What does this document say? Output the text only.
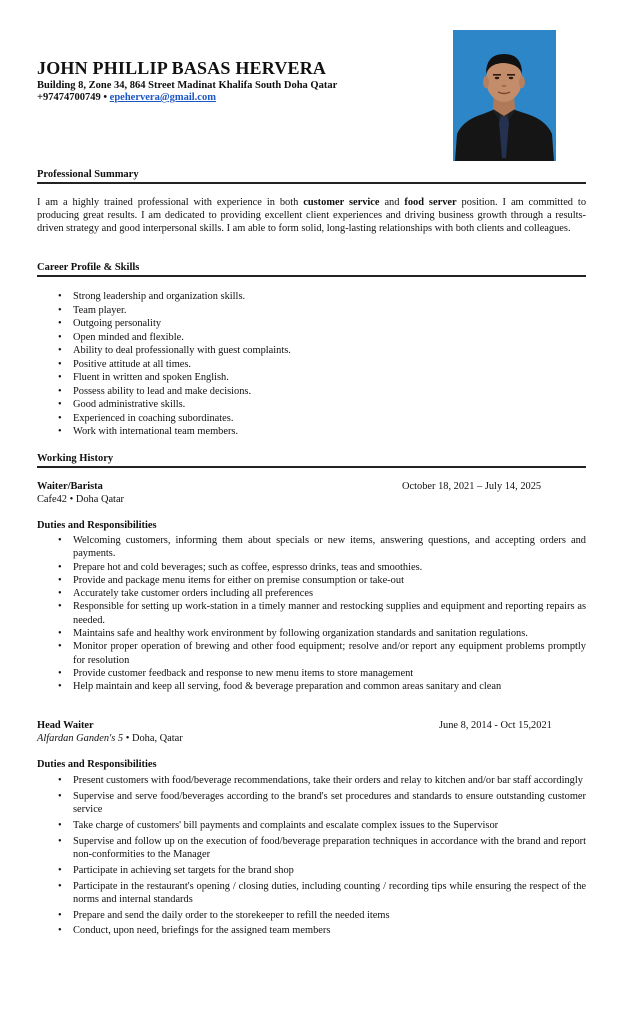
JOHN PHILLIP BASAS HERVERA
Building 8, Zone 34, 864 Street Madinat Khalifa South Doha Qatar
+97474700749 • epehervera@gmail.com
Professional Summary
I am a highly trained professional with experience in both customer service and food server position. I am committed to producing great results. I am dedicated to providing excellent client experiences and driving business growth through a results-driven strategy and good interpersonal skills. I am able to form solid, long-lasting relationships with both clients and colleagues.
Career Profile & Skills
• Strong leadership and organization skills.
• Team player.
• Outgoing personality
• Open minded and flexible.
• Ability to deal professionally with guest complaints.
• Positive attitude at all times.
• Fluent in written and spoken English.
• Possess ability to lead and make decisions.
• Good administrative skills.
• Experienced in coaching subordinates.
• Work with international team members.
Working History
Waiter/Barista	October 18, 2021 – July 14, 2025
Cafe42 • Doha Qatar
Duties and Responsibilities
• Welcoming customers, informing them about specials or new items, answering questions, and accepting orders and payments.
• Prepare hot and cold beverages; such as coffee, espresso drinks, teas and smoothies.
• Provide and package menu items for either on premise consumption or take-out
• Accurately take customer orders including all preferences
• Responsible for setting up work-station in a timely manner and restocking supplies and equipment and reporting repairs as needed.
• Maintains safe and healthy work environment by following organization standards and sanitation regulations.
• Monitor proper operation of brewing and other food equipment; resolve and/or report any equipment problems promptly for resolution
• Provide customer feedback and response to new menu items to store management
• Help maintain and keep all serving, food & beverage preparation and common areas sanitary and clean
Head Waiter	June 8, 2014 - Oct 15,2021
Alfardan Ganden's 5 • Doha, Qatar
Duties and Responsibilities
• Present customers with food/beverage recommendations, take their orders and relay to kitchen and/or bar staff accordingly
• Supervise and serve food/beverages according to the brand's set procedures and standards to ensure outstanding customer service
• Take charge of customers' bill payments and complaints and escalate complex issues to the Supervisor
• Supervise and follow up on the execution of food/beverage preparation techniques in accordance with the brand and report non-conformities to the Manager
• Participate in achieving set targets for the brand shop
• Participate in the restaurant's opening / closing duties, including counting / recording tips while ensuring the respect of the norms and internal standards
• Prepare and send the daily order to the storekeeper to refill the needed items
• Conduct, upon need, briefings for the assigned team members
